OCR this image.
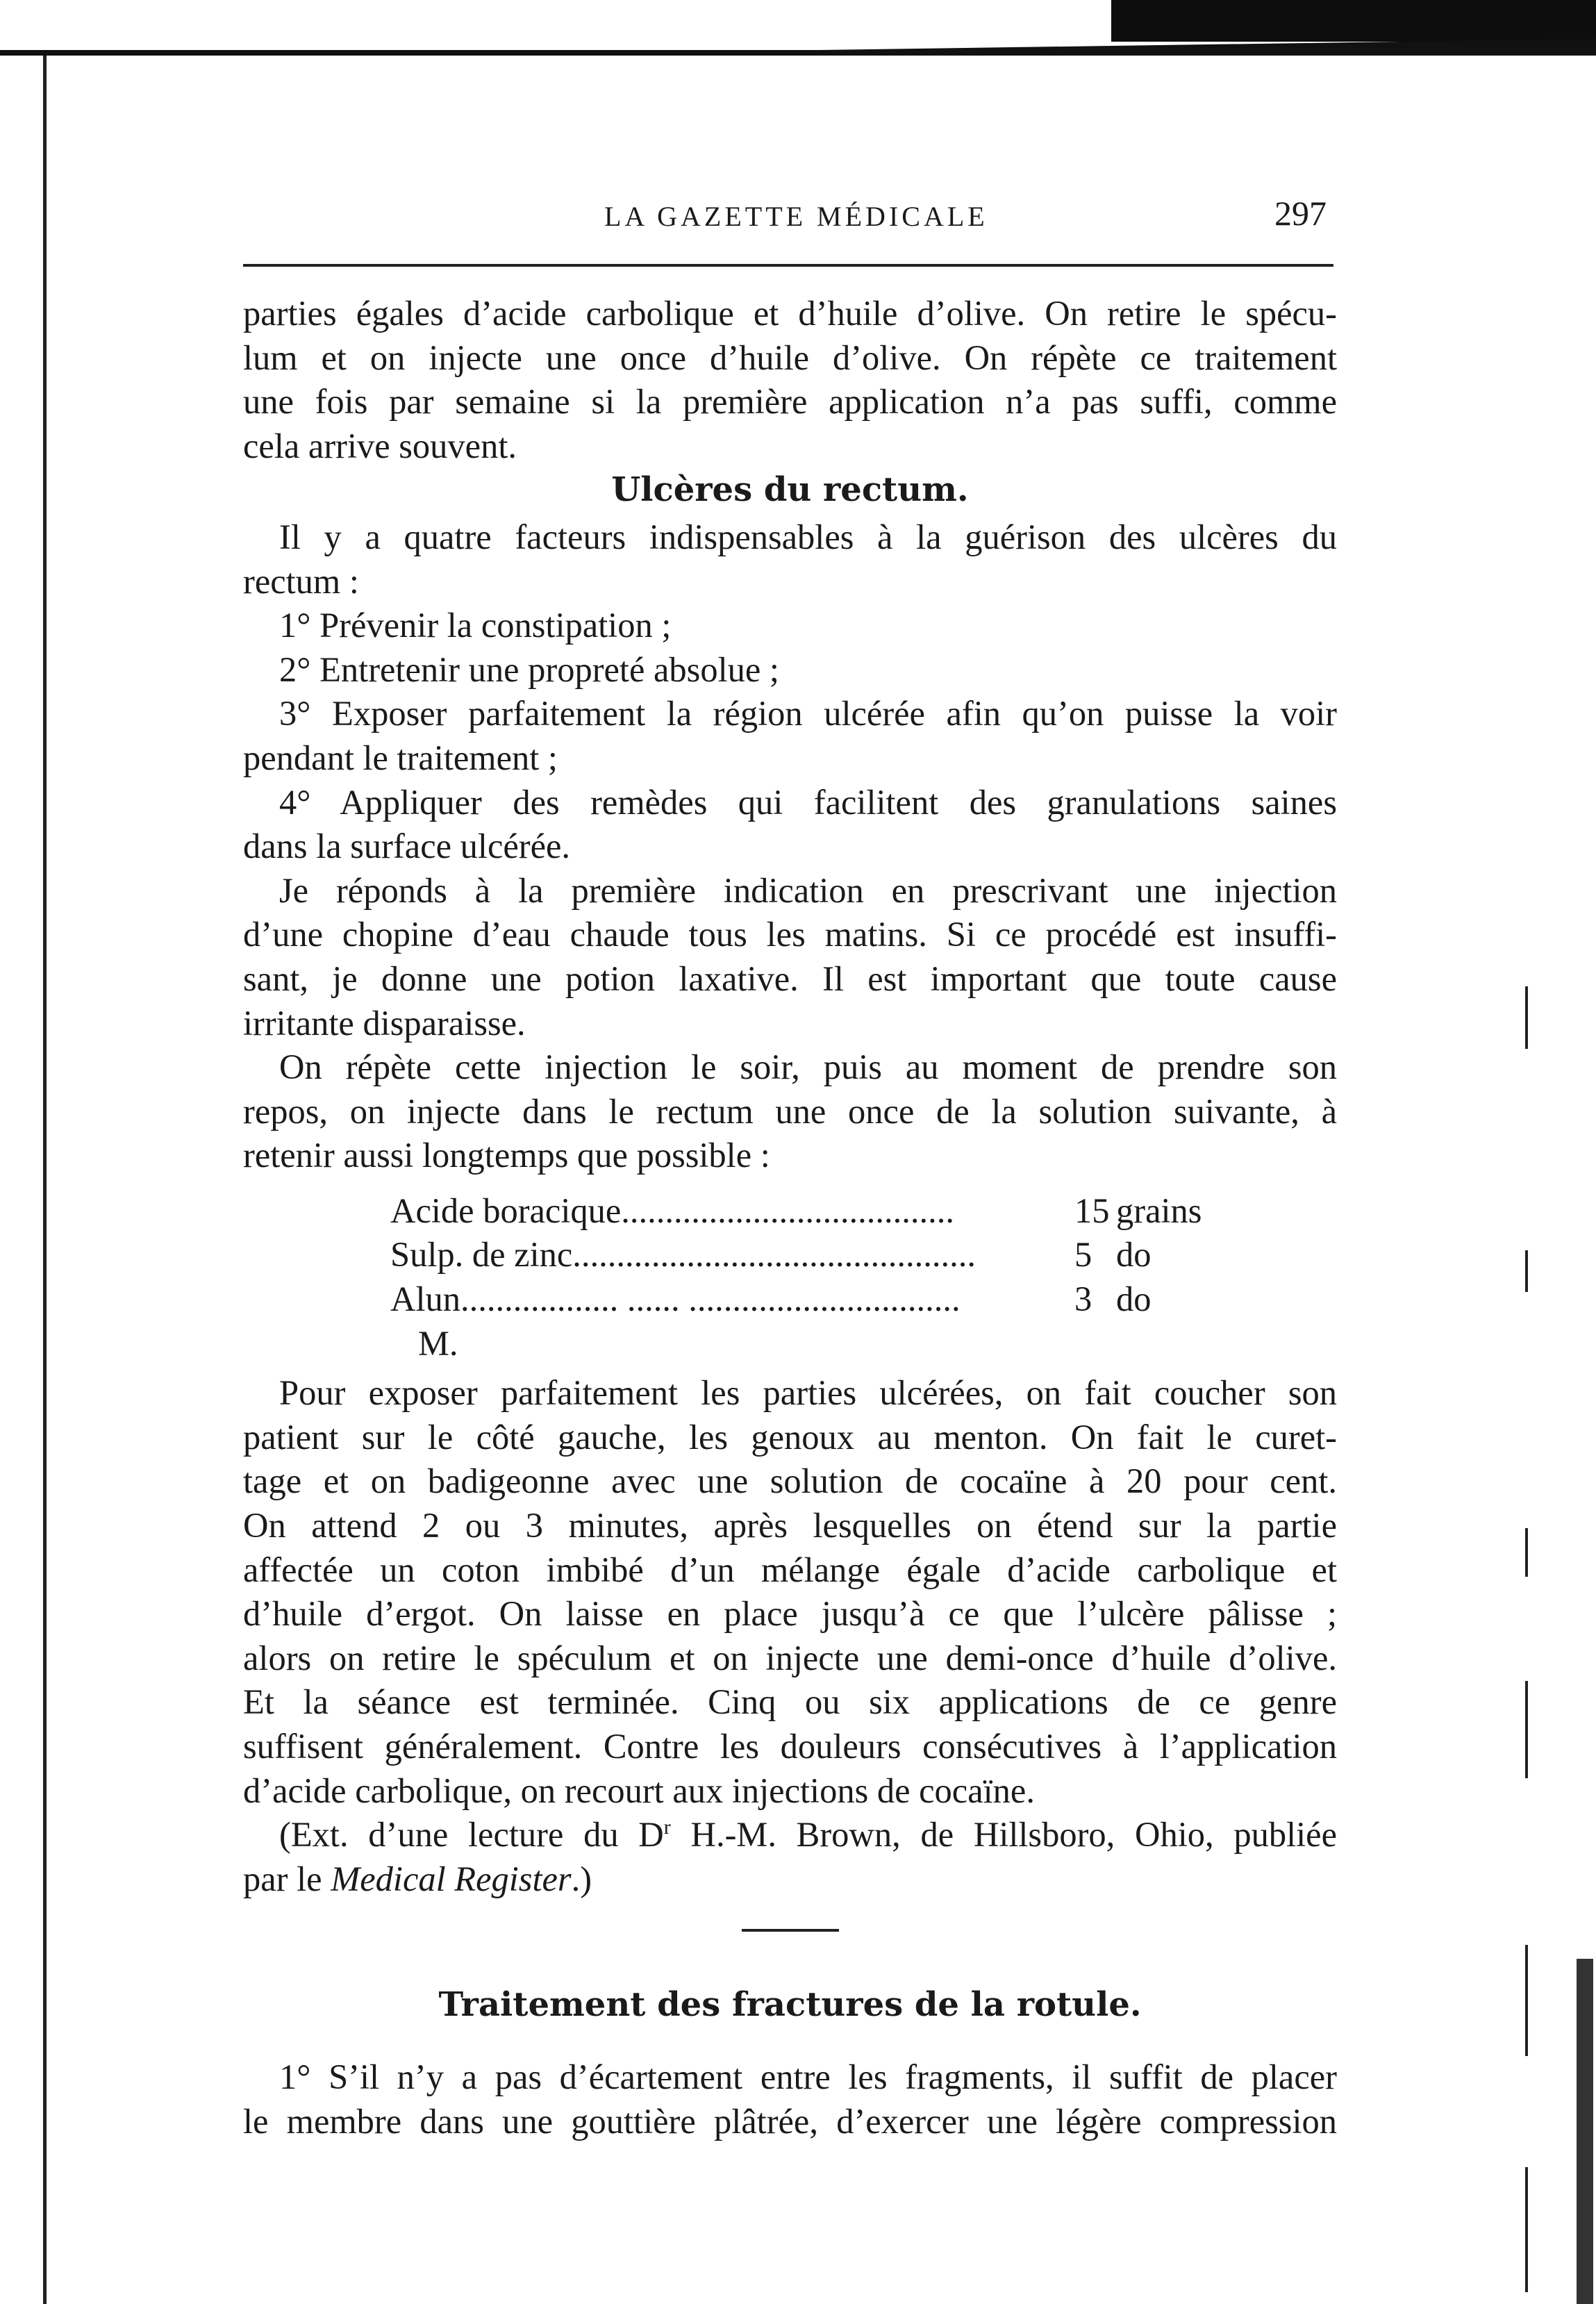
LA GAZETTE MÉDICALE	297
parties égales d’acide carbolique et d’huile d’olive. On retire le spécu-
lum et on injecte une once d’huile d’olive. On répète ce traitement
une fois par semaine si la première application n’a pas suffi, comme
cela arrive souvent.
Ulcères du rectum.
Il y a quatre facteurs indispensables à la guérison des ulcères du
rectum :
1° Prévenir la constipation ;
2° Entretenir une propreté absolue ;
3° Exposer parfaitement la région ulcérée afin qu’on puisse la voir
pendant le traitement ;
4° Appliquer des remèdes qui facilitent des granulations saines
dans la surface ulcérée.
Je réponds à la première indication en prescrivant une injection
d’une chopine d’eau chaude tous les matins. Si ce procédé est insuffi-
sant, je donne une potion laxative. Il est important que toute cause
irritante disparaisse.
On répète cette injection le soir, puis au moment de prendre son
repos, on injecte dans le rectum une once de la solution suivante, à
retenir aussi longtemps que possible :
Acide boracique......................................	15 grains
Sulp. de zinc..............................................	5 do
Alun.................. ...... ...............................	3 do
M.
Pour exposer parfaitement les parties ulcérées, on fait coucher son
patient sur le côté gauche, les genoux au menton. On fait le curet-
tage et on badigeonne avec une solution de cocaïne à 20 pour cent.
On attend 2 ou 3 minutes, après lesquelles on étend sur la partie
affectée un coton imbibé d’un mélange égale d’acide carbolique et
d’huile d’ergot. On laisse en place jusqu’à ce que l’ulcère pâlisse ;
alors on retire le spéculum et on injecte une demi-once d’huile d’olive.
Et la séance est terminée. Cinq ou six applications de ce genre
suffisent généralement. Contre les douleurs consécutives à l’application
d’acide carbolique, on recourt aux injections de cocaïne.
(Ext. d’une lecture du $D^r$ H.-M. Brown, de Hillsboro, Ohio, publiée
par le Medical Register.)
Traitement des fractures de la rotule.
1° S’il n’y a pas d’écartement entre les fragments, il suffit de placer
le membre dans une gouttière plâtrée, d’exercer une légère compression
